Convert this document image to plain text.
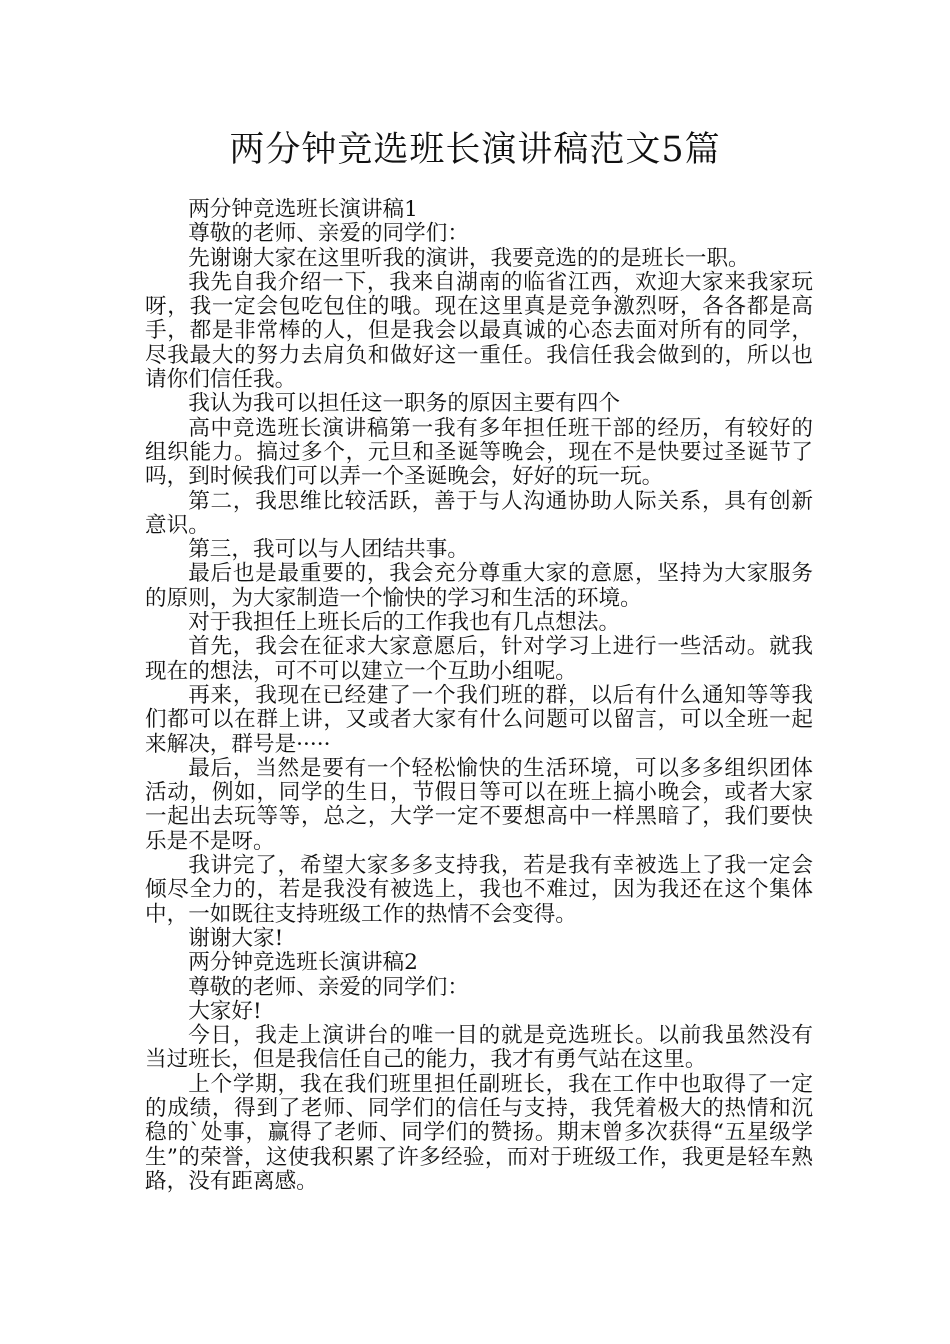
两分钟竞选班长演讲稿范文5篇

两分钟竞选班长演讲稿1

尊敬的老师、亲爱的同学们：

先谢谢大家在这里听我的演讲，我要竞选的的是班长一职。

我先自我介绍一下，我来自湖南的临省江西，欢迎大家来我家玩呀，我一定会包吃包住的哦。现在这里真是竞争激烈呀，各各都是高手，都是非常棒的人，但是我会以最真诚的心态去面对所有的同学，尽我最大的努力去肩负和做好这一重任。我信任我会做到的，所以也请你们信任我。

我认为我可以担任这一职务的原因主要有四个

高中竞选班长演讲稿第一我有多年担任班干部的经历，有较好的组织能力。搞过多个，元旦和圣诞等晚会，现在不是快要过圣诞节了吗，到时候我们可以弄一个圣诞晚会，好好的玩一玩。

第二，我思维比较活跃，善于与人沟通协助人际关系，具有创新意识。

第三，我可以与人团结共事。

最后也是最重要的，我会充分尊重大家的意愿，坚持为大家服务的原则，为大家制造一个愉快的学习和生活的环境。

对于我担任上班长后的工作我也有几点想法。

首先，我会在征求大家意愿后，针对学习上进行一些活动。就我现在的想法，可不可以建立一个互助小组呢。

再来，我现在已经建了一个我们班的群，以后有什么通知等等我们都可以在群上讲，又或者大家有什么问题可以留言，可以全班一起来解决，群号是·····

最后，当然是要有一个轻松愉快的生活环境，可以多多组织团体活动，例如，同学的生日，节假日等可以在班上搞小晚会，或者大家一起出去玩等等，总之，大学一定不要想高中一样黑暗了，我们要快乐是不是呀。

我讲完了，希望大家多多支持我，若是我有幸被选上了我一定会倾尽全力的，若是我没有被选上，我也不难过，因为我还在这个集体中，一如既往支持班级工作的热情不会变得。

谢谢大家!

两分钟竞选班长演讲稿2

尊敬的老师、亲爱的同学们：

大家好!

今日，我走上演讲台的唯一目的就是竞选班长。以前我虽然没有当过班长，但是我信任自己的能力，我才有勇气站在这里。

上个学期，我在我们班里担任副班长，我在工作中也取得了一定的成绩，得到了老师、同学们的信任与支持，我凭着极大的热情和沉稳的`处事，赢得了老师、同学们的赞扬。期末曾多次获得“五星级学生”的荣誉，这使我积累了许多经验，而对于班级工作，我更是轻车熟路，没有距离感。
